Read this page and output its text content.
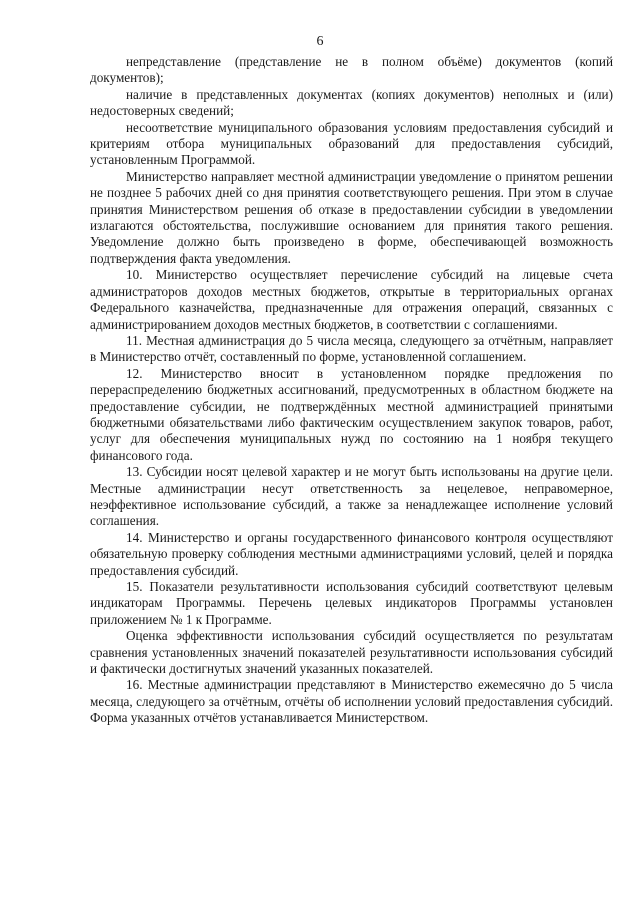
6

непредставление (представление не в полном объёме) документов (копий документов);

наличие в представленных документах (копиях документов) неполных и (или) недостоверных сведений;

несоответствие муниципального образования условиям предоставления субсидий и критериям отбора муниципальных образований для предоставления субсидий, установленным Программой.

Министерство направляет местной администрации уведомление о принятом решении не позднее 5 рабочих дней со дня принятия соответствующего решения. При этом в случае принятия Министерством решения об отказе в предоставлении субсидии в уведомлении излагаются обстоятельства, послужившие основанием для принятия такого решения. Уведомление должно быть произведено в форме, обеспечивающей возможность подтверждения факта уведомления.

10. Министерство осуществляет перечисление субсидий на лицевые счета администраторов доходов местных бюджетов, открытые в территориальных органах Федерального казначейства, предназначенные для отражения операций, связанных с администрированием доходов местных бюджетов, в соответствии с соглашениями.

11. Местная администрация до 5 числа месяца, следующего за отчётным, направляет в Министерство отчёт, составленный по форме, установленной соглашением.

12. Министерство вносит в установленном порядке предложения по перераспределению бюджетных ассигнований, предусмотренных в областном бюджете на предоставление субсидии, не подтверждённых местной администрацией принятыми бюджетными обязательствами либо фактическим осуществлением закупок товаров, работ, услуг для обеспечения муниципальных нужд по состоянию на 1 ноября текущего финансового года.

13. Субсидии носят целевой характер и не могут быть использованы на другие цели. Местные администрации несут ответственность за нецелевое, неправомерное, неэффективное использование субсидий, а также за ненадлежащее исполнение условий соглашения.

14. Министерство и органы государственного финансового контроля осуществляют обязательную проверку соблюдения местными администрациями условий, целей и порядка предоставления субсидий.

15. Показатели результативности использования субсидий соответствуют целевым индикаторам Программы. Перечень целевых индикаторов Программы установлен приложением № 1 к Программе.

Оценка эффективности использования субсидий осуществляется по результатам сравнения установленных значений показателей результативности использования субсидий и фактически достигнутых значений указанных показателей.

16. Местные администрации представляют в Министерство ежемесячно до 5 числа месяца, следующего за отчётным, отчёты об исполнении условий предоставления субсидий. Форма указанных отчётов устанавливается Министерством.
